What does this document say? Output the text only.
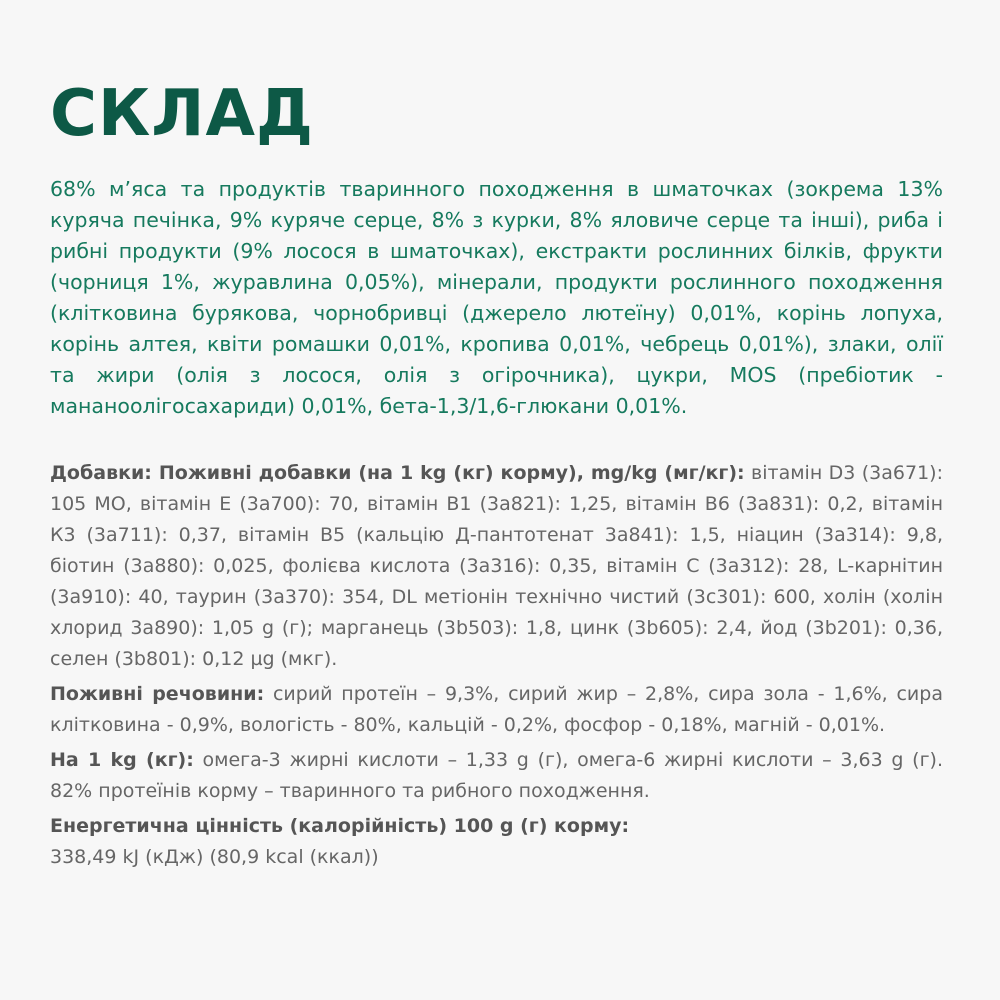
СКЛАД

68% м’яса та продуктів тваринного походження в шматочках (зокрема 13% куряча печінка, 9% куряче серце, 8% з курки, 8% яловиче серце та інші), риба і рибні продукти (9% лосося в шматочках), екстракти рослинних білків, фрукти (чорниця 1%, журавлина 0,05%), мінерали, продукти рослинного походження (клітковина бурякова, чорнобривці (джерело лютеїну) 0,01%, корінь лопуха, корінь алтея, квіти ромашки 0,01%, кропива 0,01%, чебрець 0,01%), злаки, олії та жири (олія з лосося, олія з огірочника), цукри, MOS (пребіотик - мананоолігосахариди) 0,01%, бета-1,3/1,6-глюкани 0,01%.

Добавки: Поживні добавки (на 1 kg (кг) корму), mg/kg (мг/кг): вітамін D3 (3а671): 105 МО, вітамін Е (3а700): 70, вітамін В1 (3а821): 1,25, вітамін В6 (3а831): 0,2, вітамін К3 (3а711): 0,37, вітамін В5 (кальцію Д-пантотенат 3а841): 1,5, ніацин (3а314): 9,8, біотин (3а880): 0,025, фолієва кислота (3а316): 0,35, вітамін С (3а312): 28, L-карнітин (3а910): 40, таурин (3а370): 354, DL метіонін технічно чистий (3с301): 600, холін (холін хлорид 3а890): 1,05 g (г); марганець (3b503): 1,8, цинк (3b605): 2,4, йод (3b201): 0,36, селен (3b801): 0,12 µg (мкг).

Поживні речовини: сирий протеїн – 9,3%, сирий жир – 2,8%, сира зола - 1,6%, сира клітковина - 0,9%, вологість - 80%, кальцій - 0,2%, фосфор - 0,18%, магній - 0,01%.

На 1 kg (кг): омега-3 жирні кислоти – 1,33 g (г), омега-6 жирні кислоти – 3,63 g (г). 82% протеїнів корму – тваринного та рибного походження.

Енергетична цінність (калорійність) 100 g (г) корму:
338,49 kJ (кДж) (80,9 kcal (ккал))
